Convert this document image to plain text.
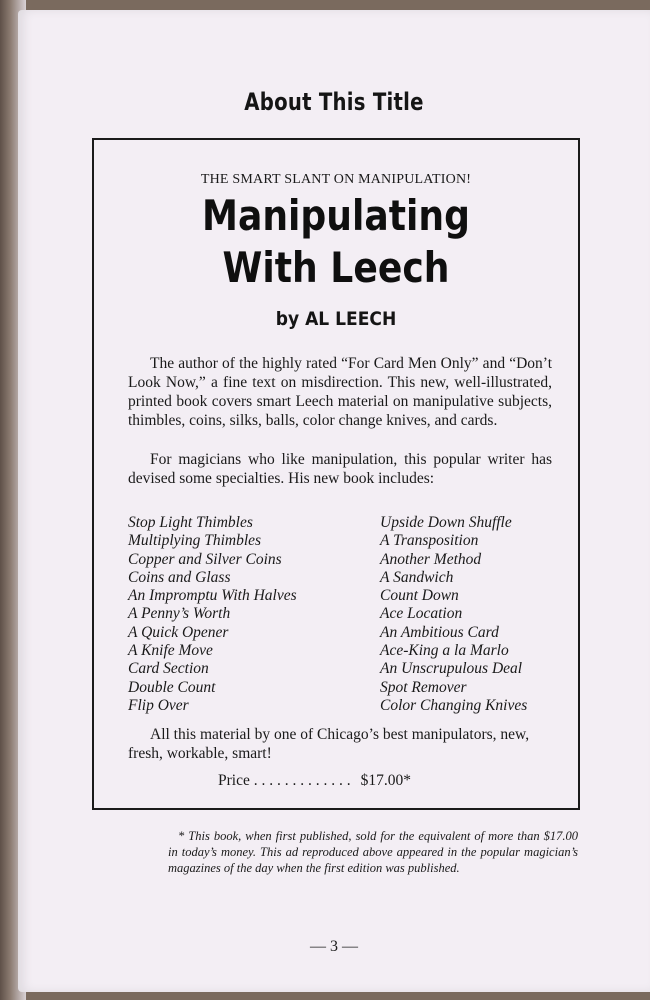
About This Title
THE SMART SLANT ON MANIPULATION!
Manipulating
With Leech
by AL LEECH
The author of the highly rated “For Card Men Only” and “Don’t Look Now,” a fine text on misdirection. This new, well-illustrated, printed book covers smart Leech material on manipulative subjects, thimbles, coins, silks, balls, color change knives, and cards.
For magicians who like manipulation, this popular writer has devised some specialties. His new book includes:
Stop Light Thimbles
Multiplying Thimbles
Copper and Silver Coins
Coins and Glass
An Impromptu With Halves
A Penny’s Worth
A Quick Opener
A Knife Move
Card Section
Double Count
Flip Over
Upside Down Shuffle
A Transposition
Another Method
A Sandwich
Count Down
Ace Location
An Ambitious Card
Ace-King a la Marlo
An Unscrupulous Deal
Spot Remover
Color Changing Knives
All this material by one of Chicago’s best manipulators, new, fresh, workable, smart!
Price . . . . . . . . . . . . . $17.00*
* This book, when first published, sold for the equivalent of more than $17.00 in today’s money. This ad reproduced above appeared in the popular magician’s magazines of the day when the first edition was published.
— 3 —
